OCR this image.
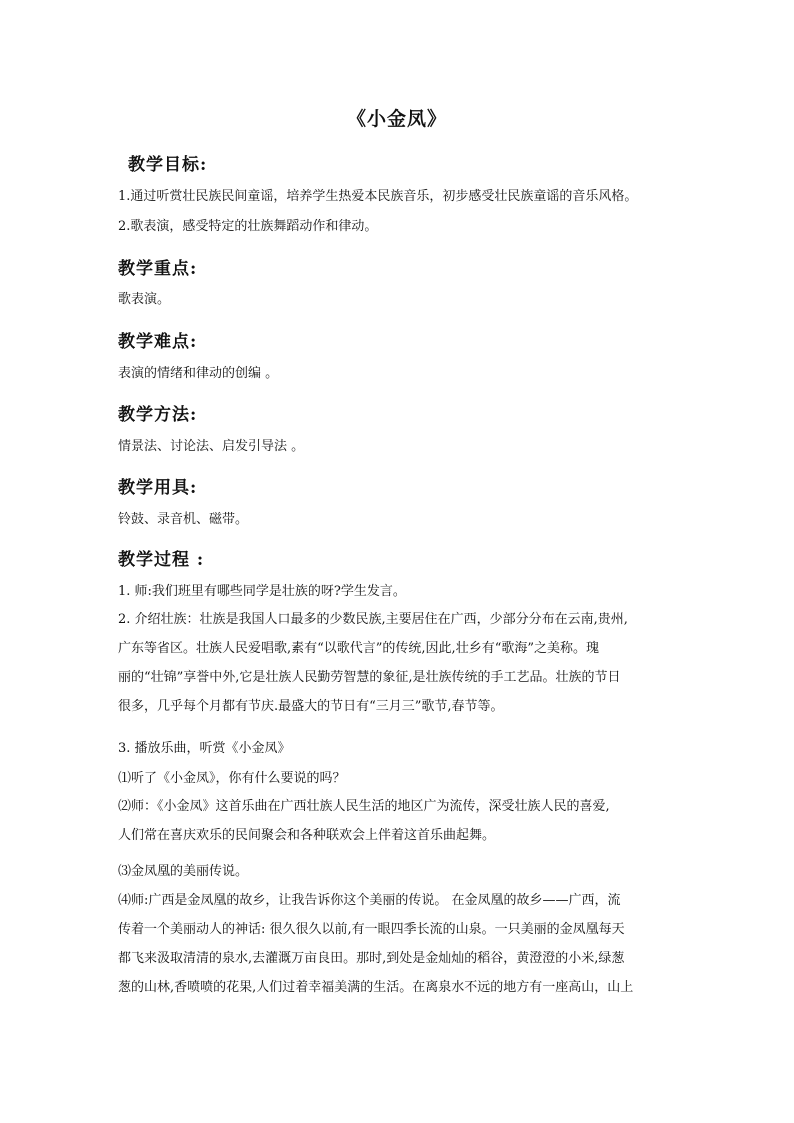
《小金凤》
教学目标:
1.通过听赏壮民族民间童谣，培养学生热爱本民族音乐，初步感受壮民族童谣的音乐风格。
2.歌表演，感受特定的壮族舞蹈动作和律动。
教学重点:
歌表演。
教学难点:
表演的情绪和律动的创编 。
教学方法:
情景法、讨论法、启发引导法 。
教学用具:
铃鼓、录音机、磁带。
教学过程 :
1. 师:我们班里有哪些同学是壮族的呀?学生发言。
2. 介绍壮族：壮族是我国人口最多的少数民族,主要居住在广西，少部分分布在云南,贵州,
广东等省区。壮族人民爱唱歌,素有“以歌代言”的传统,因此,壮乡有“歌海”之美称。瑰
丽的“壮锦”享誉中外,它是壮族人民勤劳智慧的象征,是壮族传统的手工艺品。壮族的节日
很多，几乎每个月都有节庆.最盛大的节日有“三月三”歌节,春节等。
3. 播放乐曲，听赏《小金凤》
⑴听了《小金凤》，你有什么要说的吗？
⑵师：《小金凤》这首乐曲在广西壮族人民生活的地区广为流传，深受壮族人民的喜爱,
人们常在喜庆欢乐的民间聚会和各种联欢会上伴着这首乐曲起舞。
⑶金凤凰的美丽传说。
⑷师:广西是金凤凰的故乡，让我告诉你这个美丽的传说。 在金凤凰的故乡——广西，流
传着一个美丽动人的神话: 很久很久以前,有一眼四季长流的山泉。一只美丽的金凤凰每天
都飞来汲取清清的泉水,去灌溉万亩良田。那时,到处是金灿灿的稻谷，黄澄澄的小米,绿葱
葱的山林,香喷喷的花果,人们过着幸福美满的生活。在离泉水不远的地方有一座高山，山上
